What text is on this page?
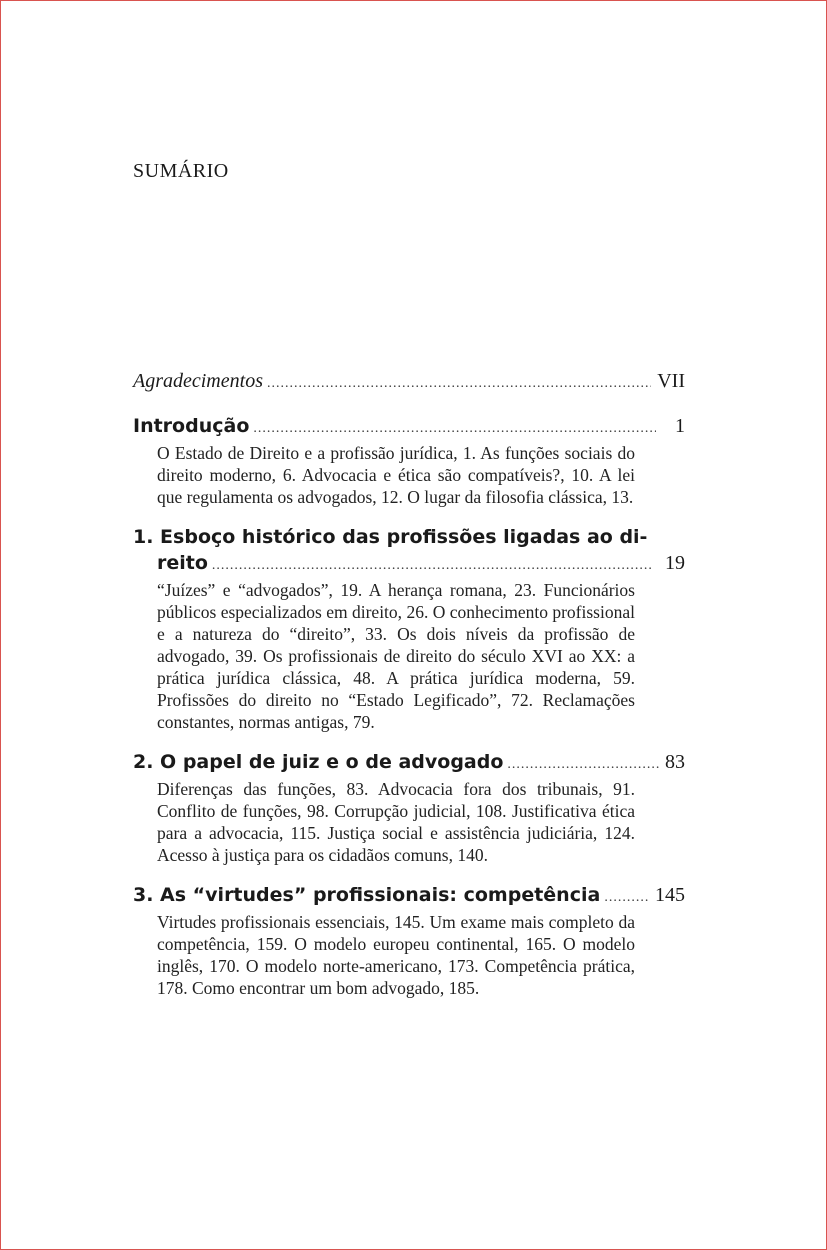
SUMÁRIO
Agradecimentos .....	VII
Introdução .....	1
O Estado de Direito e a profissão jurídica, 1. As funções sociais do direito moderno, 6. Advocacia e ética são compatíveis?, 10. A lei que regulamenta os advogados, 12. O lugar da filosofia clássica, 13.
1. Esboço histórico das profissões ligadas ao di-
reito .....	19
“Juízes” e “advogados”, 19. A herança romana, 23. Funcionários públicos especializados em direito, 26. O conhecimento profissional e a natureza do “direito”, 33. Os dois níveis da profissão de advogado, 39. Os profissionais de direito do século XVI ao XX: a prática jurídica clássica, 48. A prática jurídica moderna, 59. Profissões do direito no “Estado Legificado”, 72. Reclamações constantes, normas antigas, 79.
2. O papel de juiz e o de advogado .....	83
Diferenças das funções, 83. Advocacia fora dos tribunais, 91. Conflito de funções, 98. Corrupção judicial, 108. Justificativa ética para a advocacia, 115. Justiça social e assistência judiciária, 124. Acesso à justiça para os cidadãos comuns, 140.
3. As “virtudes” profissionais: competência .....	145
Virtudes profissionais essenciais, 145. Um exame mais completo da competência, 159. O modelo europeu continental, 165. O modelo inglês, 170. O modelo norte-americano, 173. Competência prática, 178. Como encontrar um bom advogado, 185.
